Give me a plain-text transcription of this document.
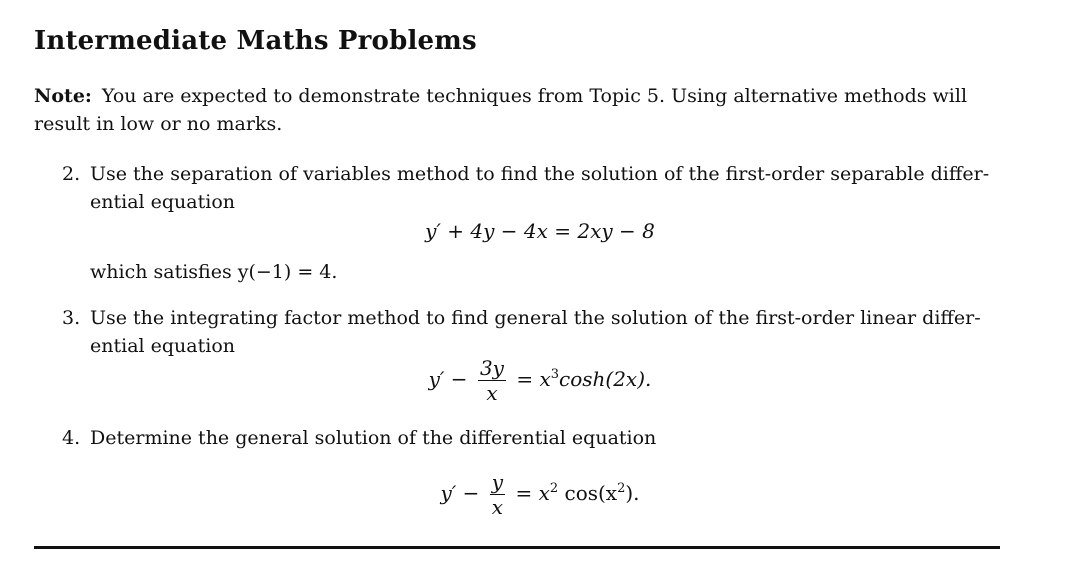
Intermediate Maths Problems
Note: You are expected to demonstrate techniques from Topic 5. Using alternative methods will result in low or no marks.
2. Use the separation of variables method to find the solution of the first-order separable differ- ential equation
y′ + 4y − 4x = 2xy − 8
which satisfies y(−1) = 4.
3. Use the integrating factor method to find general the solution of the first-order linear differ- ential equation
$y' - \frac{3y}{x} = x^3\cosh(2x)$.
4. Determine the general solution of the differential equation
$y' - \frac{y}{x} = x^2$ $\cos(x^2)$.
